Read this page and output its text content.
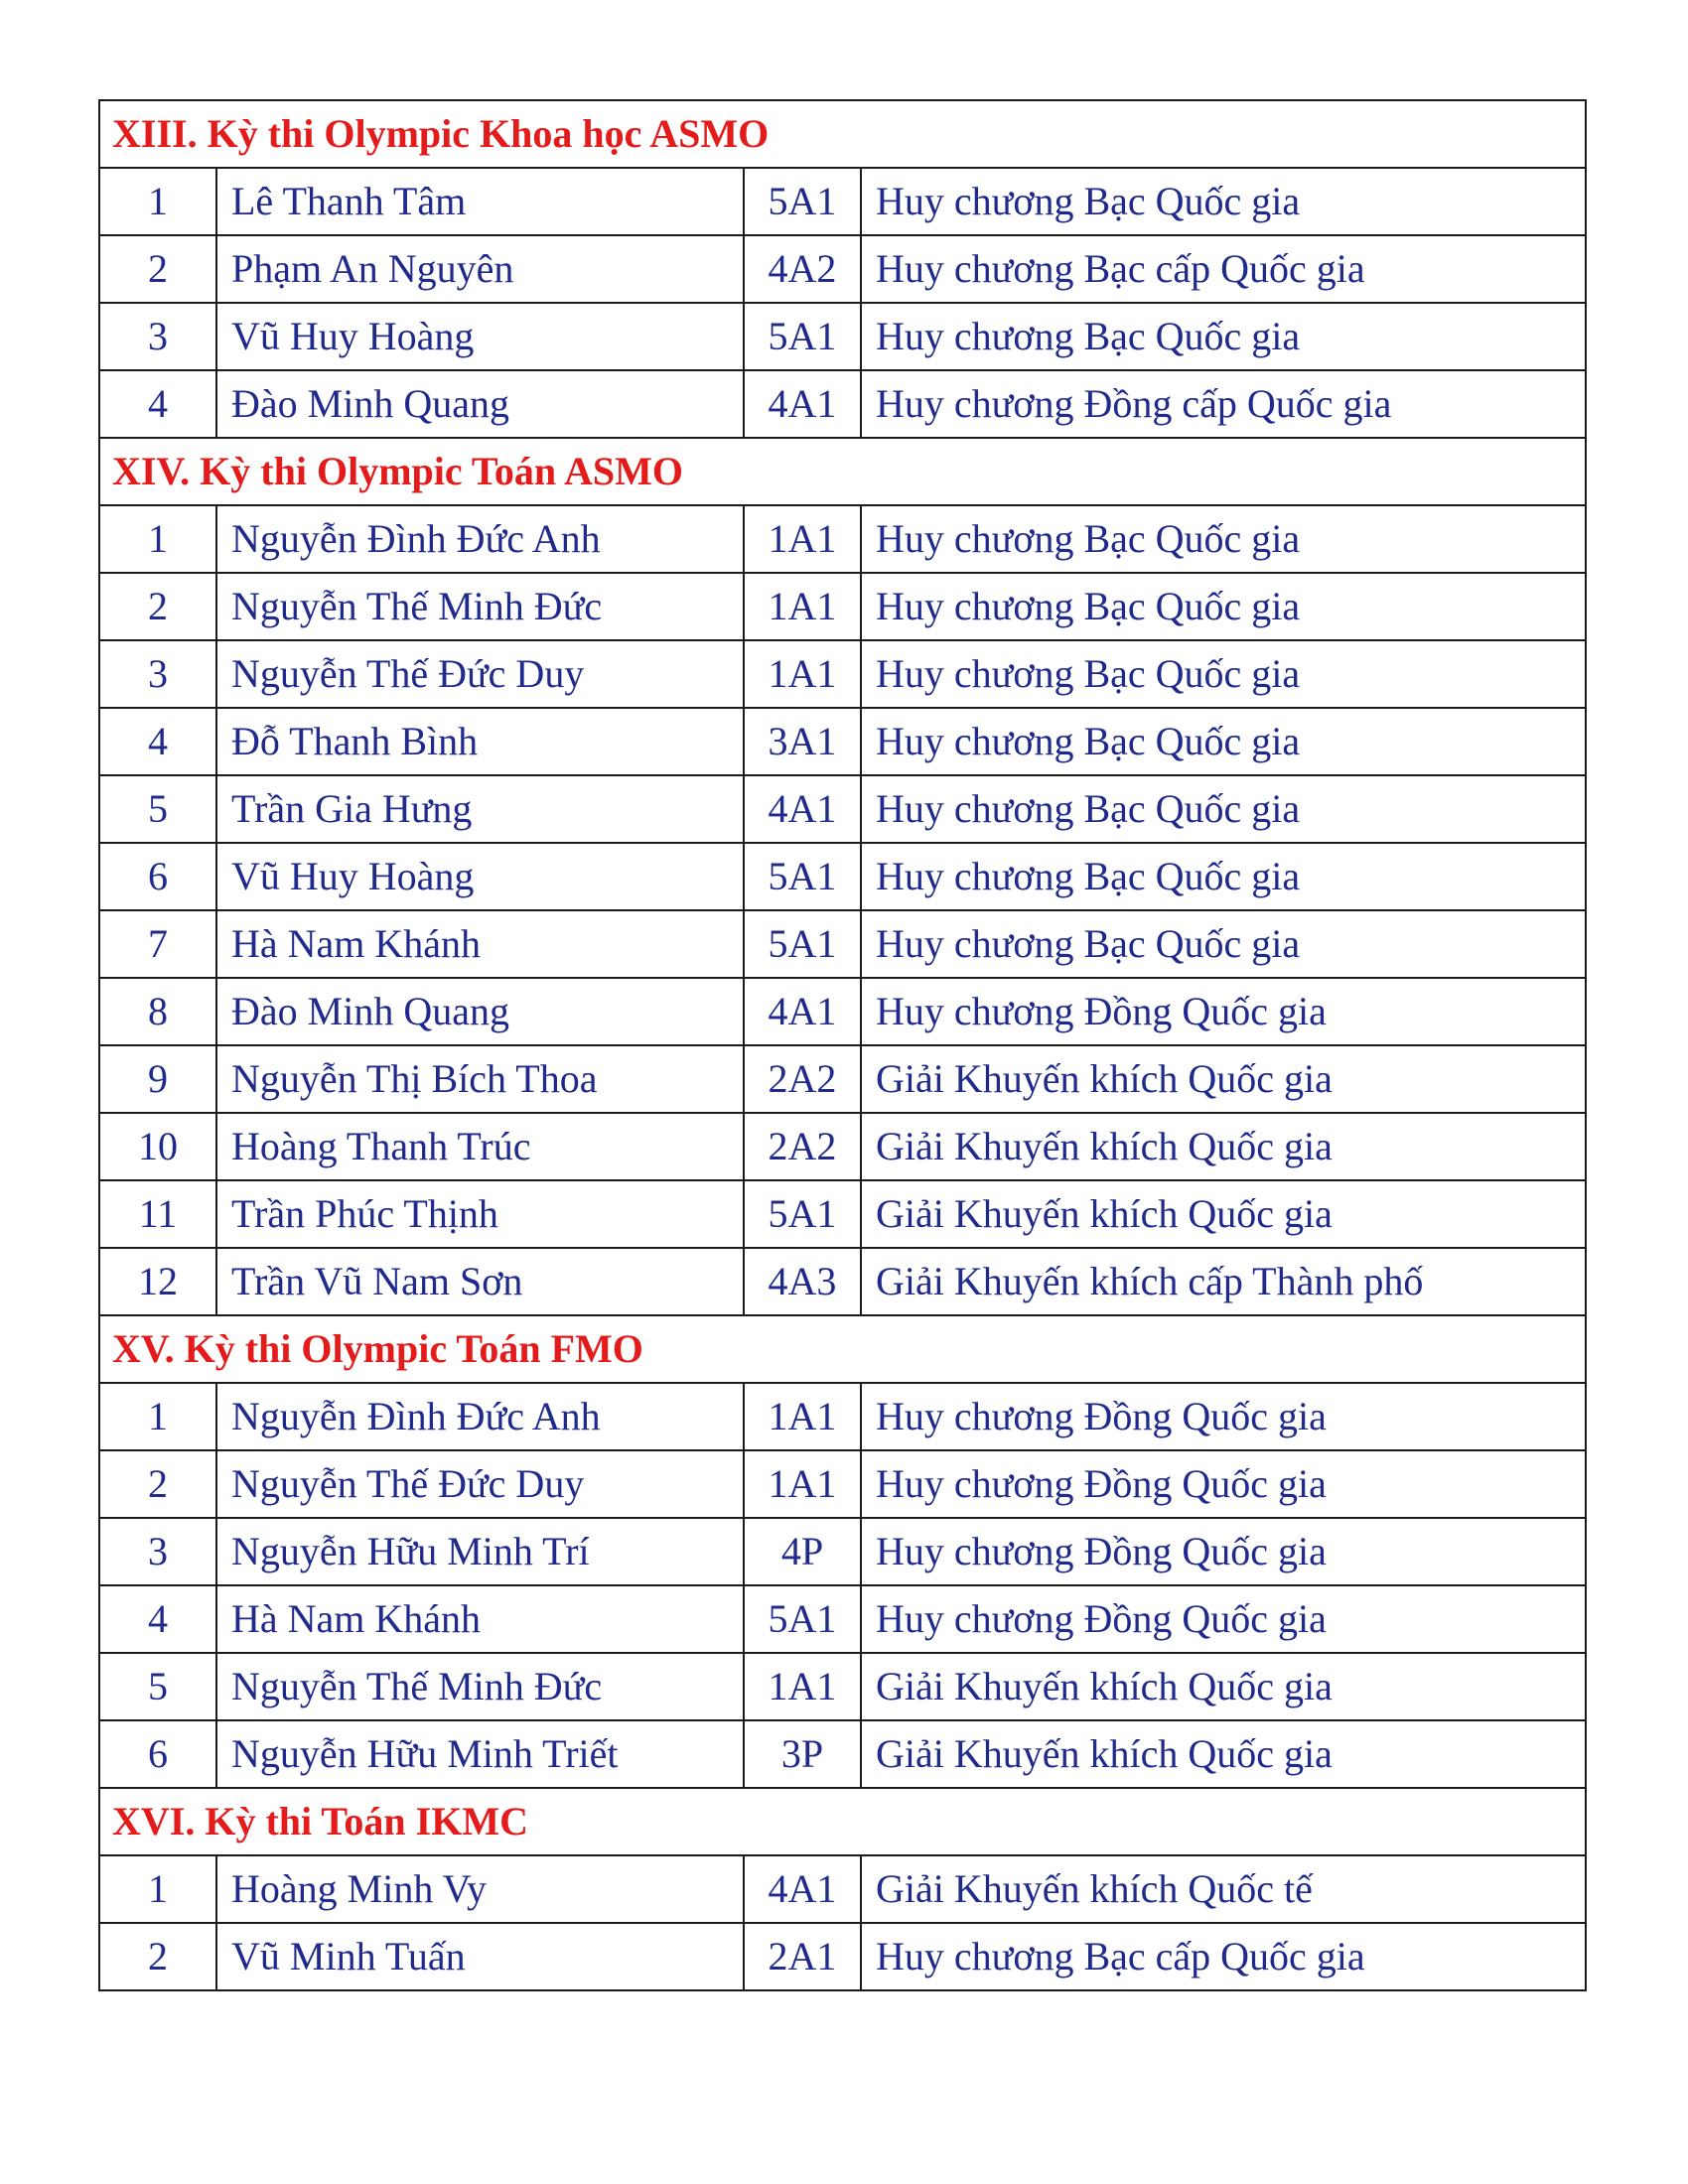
XIII. Kỳ thi Olympic Khoa học ASMO			
1	Lê Thanh Tâm	5A1	Huy chương Bạc Quốc gia
2	Phạm An Nguyên	4A2	Huy chương Bạc cấp Quốc gia
3	Vũ Huy Hoàng	5A1	Huy chương Bạc Quốc gia
4	Đào Minh Quang	4A1	Huy chương Đồng cấp Quốc gia
XIV. Kỳ thi Olympic Toán ASMO			
1	Nguyễn Đình Đức Anh	1A1	Huy chương Bạc Quốc gia
2	Nguyễn Thế Minh Đức	1A1	Huy chương Bạc Quốc gia
3	Nguyễn Thế Đức Duy	1A1	Huy chương Bạc Quốc gia
4	Đỗ Thanh Bình	3A1	Huy chương Bạc Quốc gia
5	Trần Gia Hưng	4A1	Huy chương Bạc Quốc gia
6	Vũ Huy Hoàng	5A1	Huy chương Bạc Quốc gia
7	Hà Nam Khánh	5A1	Huy chương Bạc Quốc gia
8	Đào Minh Quang	4A1	Huy chương Đồng Quốc gia
9	Nguyễn Thị Bích Thoa	2A2	Giải Khuyến khích Quốc gia
10	Hoàng Thanh Trúc	2A2	Giải Khuyến khích Quốc gia
11	Trần Phúc Thịnh	5A1	Giải Khuyến khích Quốc gia
12	Trần Vũ Nam Sơn	4A3	Giải Khuyến khích cấp Thành phố
XV. Kỳ thi Olympic Toán FMO			
1	Nguyễn Đình Đức Anh	1A1	Huy chương Đồng Quốc gia
2	Nguyễn Thế Đức Duy	1A1	Huy chương Đồng Quốc gia
3	Nguyễn Hữu Minh Trí	4P	Huy chương Đồng Quốc gia
4	Hà Nam Khánh	5A1	Huy chương Đồng Quốc gia
5	Nguyễn Thế Minh Đức	1A1	Giải Khuyến khích Quốc gia
6	Nguyễn Hữu Minh Triết	3P	Giải Khuyến khích Quốc gia
XVI. Kỳ thi Toán IKMC			
1	Hoàng Minh Vy	4A1	Giải Khuyến khích Quốc tế
2	Vũ Minh Tuấn	2A1	Huy chương Bạc cấp Quốc gia
